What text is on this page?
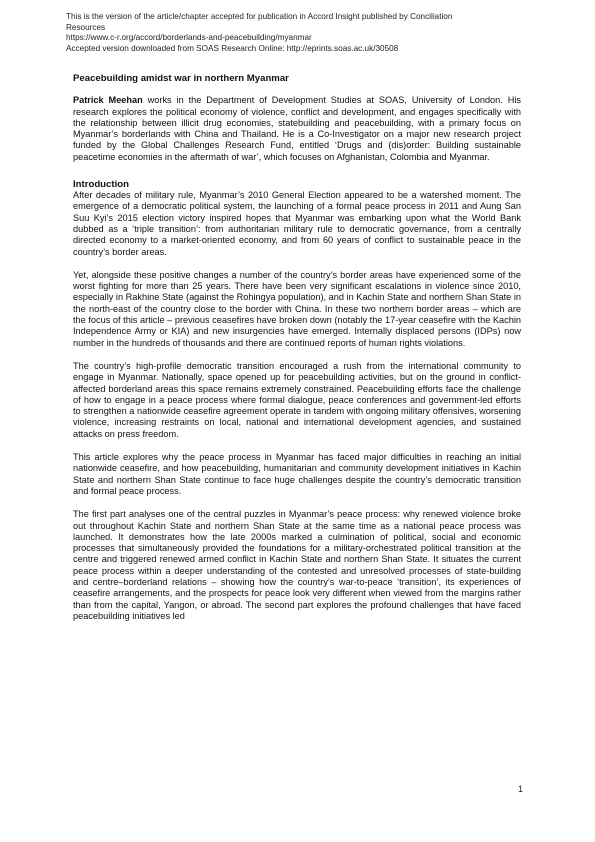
This is the version of the article/chapter accepted for publication in Accord Insight published by Conciliation
Resources
https://www.c-r.org/accord/borderlands-and-peacebuilding/myanmar
Accepted version downloaded from SOAS Research Online: http://eprints.soas.ac.uk/30508
Peacebuilding amidst war in northern Myanmar

Patrick Meehan works in the Department of Development Studies at SOAS, University of London. His research explores the political economy of violence, conflict and development, and engages specifically with the relationship between illicit drug economies, statebuilding and peacebuilding, with a primary focus on Myanmar’s borderlands with China and Thailand. He is a Co-Investigator on a major new research project funded by the Global Challenges Research Fund, entitled ‘Drugs and (dis)order: Building sustainable peacetime economies in the aftermath of war’, which focuses on Afghanistan, Colombia and Myanmar.

Introduction

After decades of military rule, Myanmar’s 2010 General Election appeared to be a watershed moment. The emergence of a democratic political system, the launching of a formal peace process in 2011 and Aung San Suu Kyi’s 2015 election victory inspired hopes that Myanmar was embarking upon what the World Bank dubbed as a ‘triple transition’: from authoritarian military rule to democratic governance, from a centrally directed economy to a market-oriented economy, and from 60 years of conflict to sustainable peace in the country’s border areas.

Yet, alongside these positive changes a number of the country’s border areas have experienced some of the worst fighting for more than 25 years. There have been very significant escalations in violence since 2010, especially in Rakhine State (against the Rohingya population), and in Kachin State and northern Shan State in the north-east of the country close to the border with China. In these two northern border areas – which are the focus of this article – previous ceasefires have broken down (notably the 17-year ceasefire with the Kachin Independence Army or KIA) and new insurgencies have emerged. Internally displaced persons (IDPs) now number in the hundreds of thousands and there are continued reports of human rights violations.

The country’s high-profile democratic transition encouraged a rush from the international community to engage in Myanmar. Nationally, space opened up for peacebuilding activities, but on the ground in conflict-affected borderland areas this space remains extremely constrained. Peacebuilding efforts face the challenge of how to engage in a peace process where formal dialogue, peace conferences and government-led efforts to strengthen a nationwide ceasefire agreement operate in tandem with ongoing military offensives, worsening violence, increasing restraints on local, national and international development agencies, and sustained attacks on press freedom.

This article explores why the peace process in Myanmar has faced major difficulties in reaching an initial nationwide ceasefire, and how peacebuilding, humanitarian and community development initiatives in Kachin State and northern Shan State continue to face huge challenges despite the country’s democratic transition and formal peace process.

The first part analyses one of the central puzzles in Myanmar’s peace process: why renewed violence broke out throughout Kachin State and northern Shan State at the same time as a national peace process was launched. It demonstrates how the late 2000s marked a culmination of political, social and economic processes that simultaneously provided the foundations for a military-orchestrated political transition at the centre and triggered renewed armed conflict in Kachin State and northern Shan State. It situates the current peace process within a deeper understanding of the contested and unresolved processes of state-building and centre–borderland relations – showing how the country’s war-to-peace ‘transition’, its experiences of ceasefire arrangements, and the prospects for peace look very different when viewed from the margins rather than from the capital, Yangon, or abroad. The second part explores the profound challenges that have faced peacebuilding initiatives led

1
